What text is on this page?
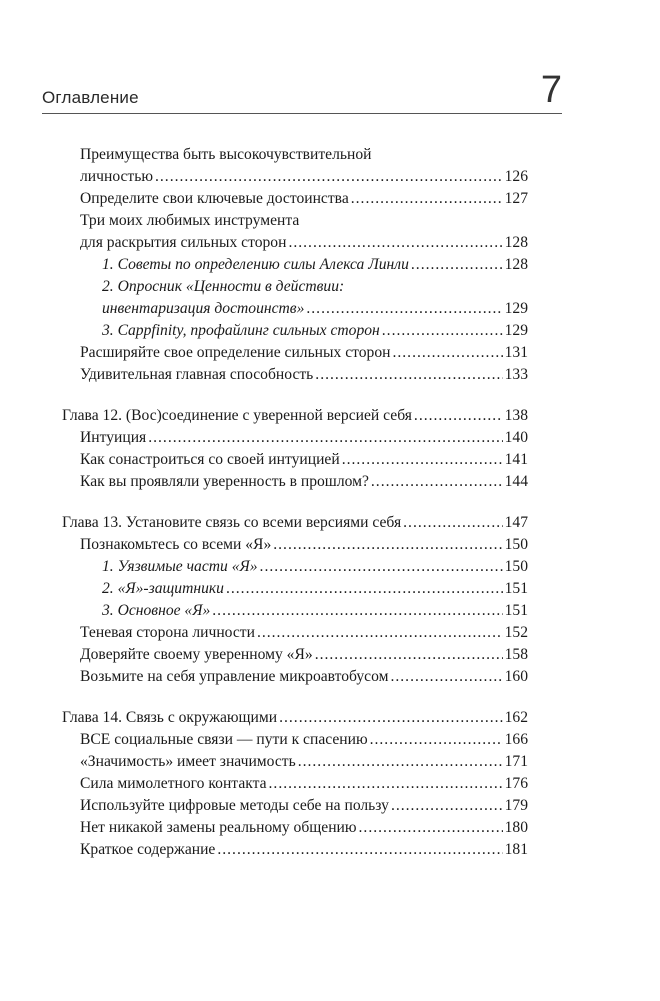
Оглавление	7
Преимущества быть высокочувствительной
личностью .....	126
Определите свои ключевые достоинства .....	127
Три моих любимых инструмента
для раскрытия сильных сторон .....	128
1. Советы по определению силы Алекса Линли .....	128
2. Опросник «Ценности в действии:
инвентаризация достоинств» .....	129
3. Cappfinity, профайлинг сильных сторон .....	129
Расширяйте свое определение сильных сторон .....	131
Удивительная главная способность .....	133
Глава 12. (Вос)соединение с уверенной версией себя .....	138
Интуиция .....	140
Как сонастроиться со своей интуицией .....	141
Как вы проявляли уверенность в прошлом? .....	144
Глава 13. Установите связь со всеми версиями себя .....	147
Познакомьтесь со всеми «Я» .....	150
1. Уязвимые части «Я» .....	150
2. «Я»-защитники .....	151
3. Основное «Я» .....	151
Теневая сторона личности .....	152
Доверяйте своему уверенному «Я» .....	158
Возьмите на себя управление микроавтобусом .....	160
Глава 14. Связь с окружающими .....	162
ВСЕ социальные связи — пути к спасению .....	166
«Значимость» имеет значимость .....	171
Сила мимолетного контакта .....	176
Используйте цифровые методы себе на пользу .....	179
Нет никакой замены реальному общению .....	180
Краткое содержание .....	181
